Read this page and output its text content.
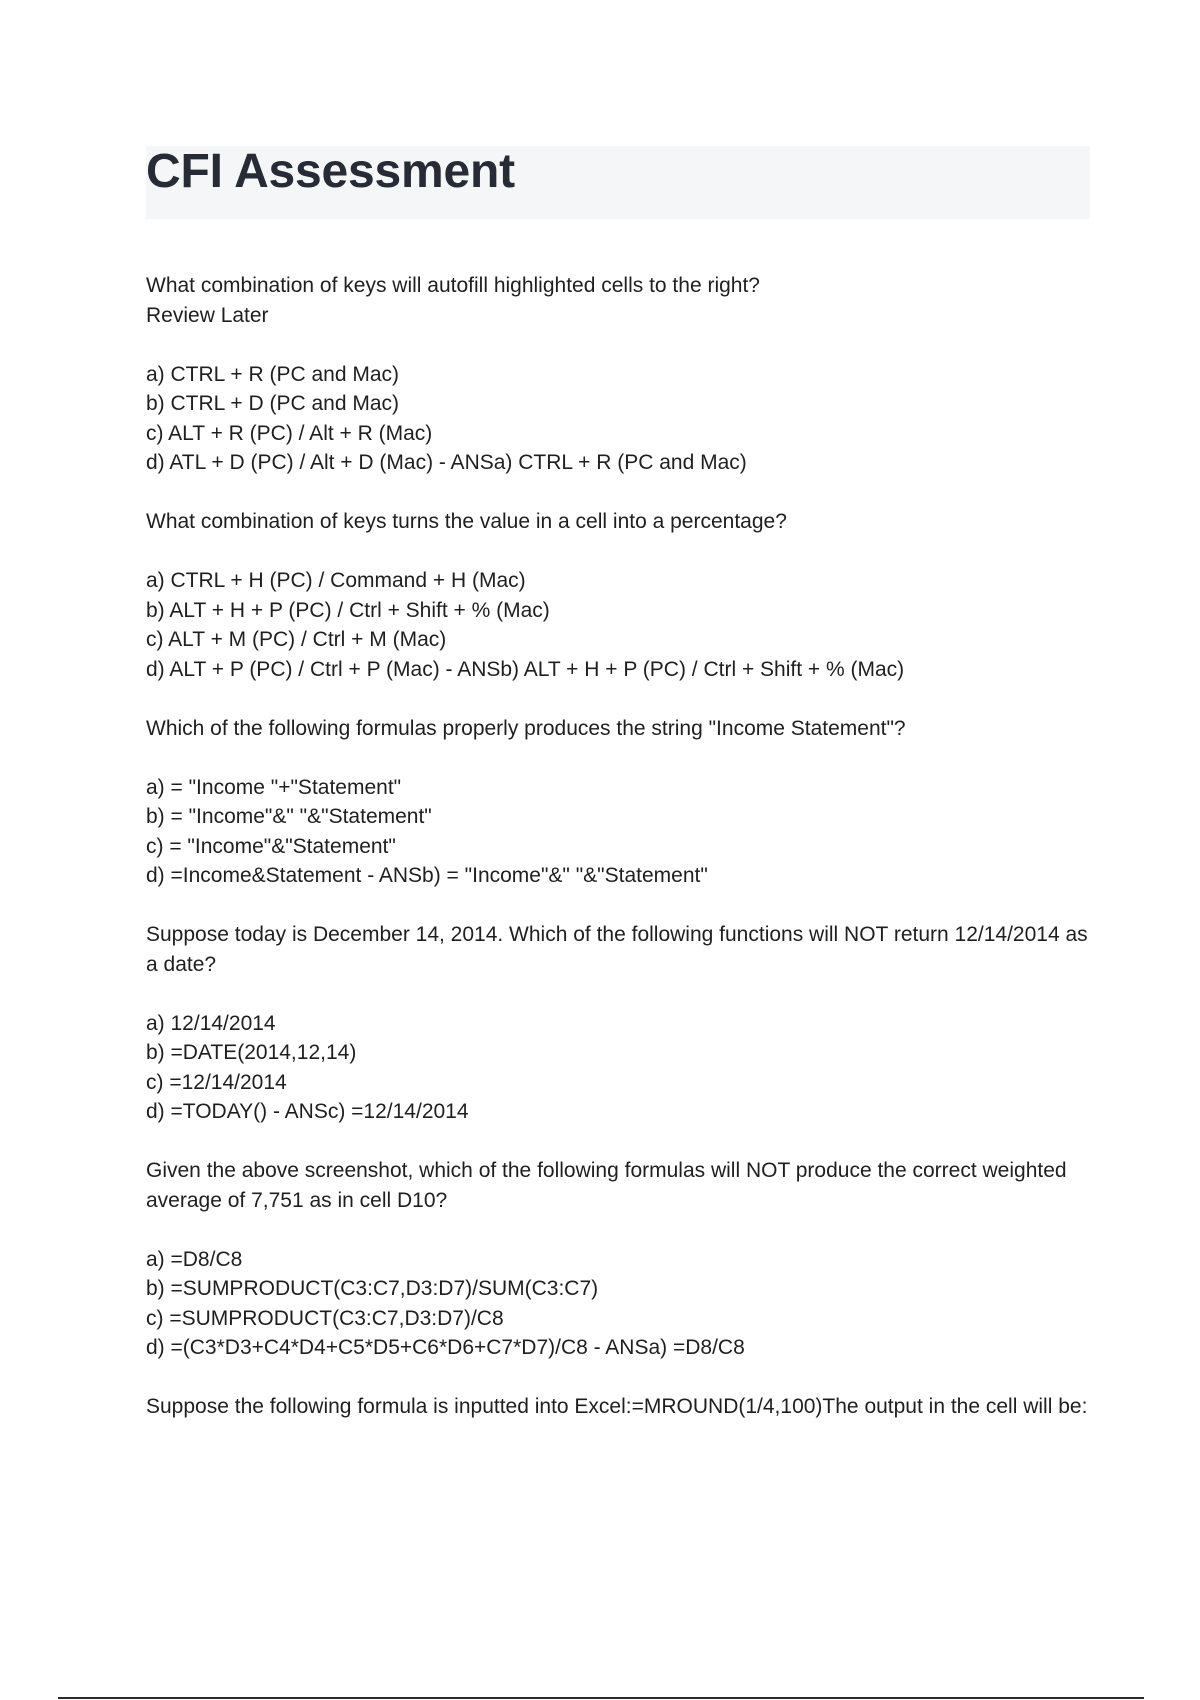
CFI Assessment

What combination of keys will autofill highlighted cells to the right?

Review Later

a) CTRL + R (PC and Mac)
b) CTRL + D (PC and Mac)
c) ALT + R (PC) / Alt + R (Mac)
d) ATL + D (PC) / Alt + D (Mac) - ANSa) CTRL + R (PC and Mac)

What combination of keys turns the value in a cell into a percentage?

a) CTRL + H (PC) / Command + H (Mac)
b) ALT + H + P (PC) / Ctrl + Shift + % (Mac)
c) ALT + M (PC) / Ctrl + M (Mac)
d) ALT + P (PC) / Ctrl + P (Mac) - ANSb) ALT + H + P (PC) / Ctrl + Shift + % (Mac)

Which of the following formulas properly produces the string "Income Statement"?

a) = "Income "+"Statement"
b) = "Income"&" "&"Statement"
c) = "Income"&"Statement"
d) =Income&Statement - ANSb) = "Income"&" "&"Statement"

Suppose today is December 14, 2014. Which of the following functions will NOT return 12/14/2014 as a date?

a) 12/14/2014
b) =DATE(2014,12,14)
c) =12/14/2014
d) =TODAY() - ANSc) =12/14/2014

Given the above screenshot, which of the following formulas will NOT produce the correct weighted average of 7,751 as in cell D10?

a) =D8/C8
b) =SUMPRODUCT(C3:C7,D3:D7)/SUM(C3:C7)
c) =SUMPRODUCT(C3:C7,D3:D7)/C8
d) =(C3*D3+C4*D4+C5*D5+C6*D6+C7*D7)/C8 - ANSa) =D8/C8

Suppose the following formula is inputted into Excel:=MROUND(1/4,100)The output in the cell will be:
